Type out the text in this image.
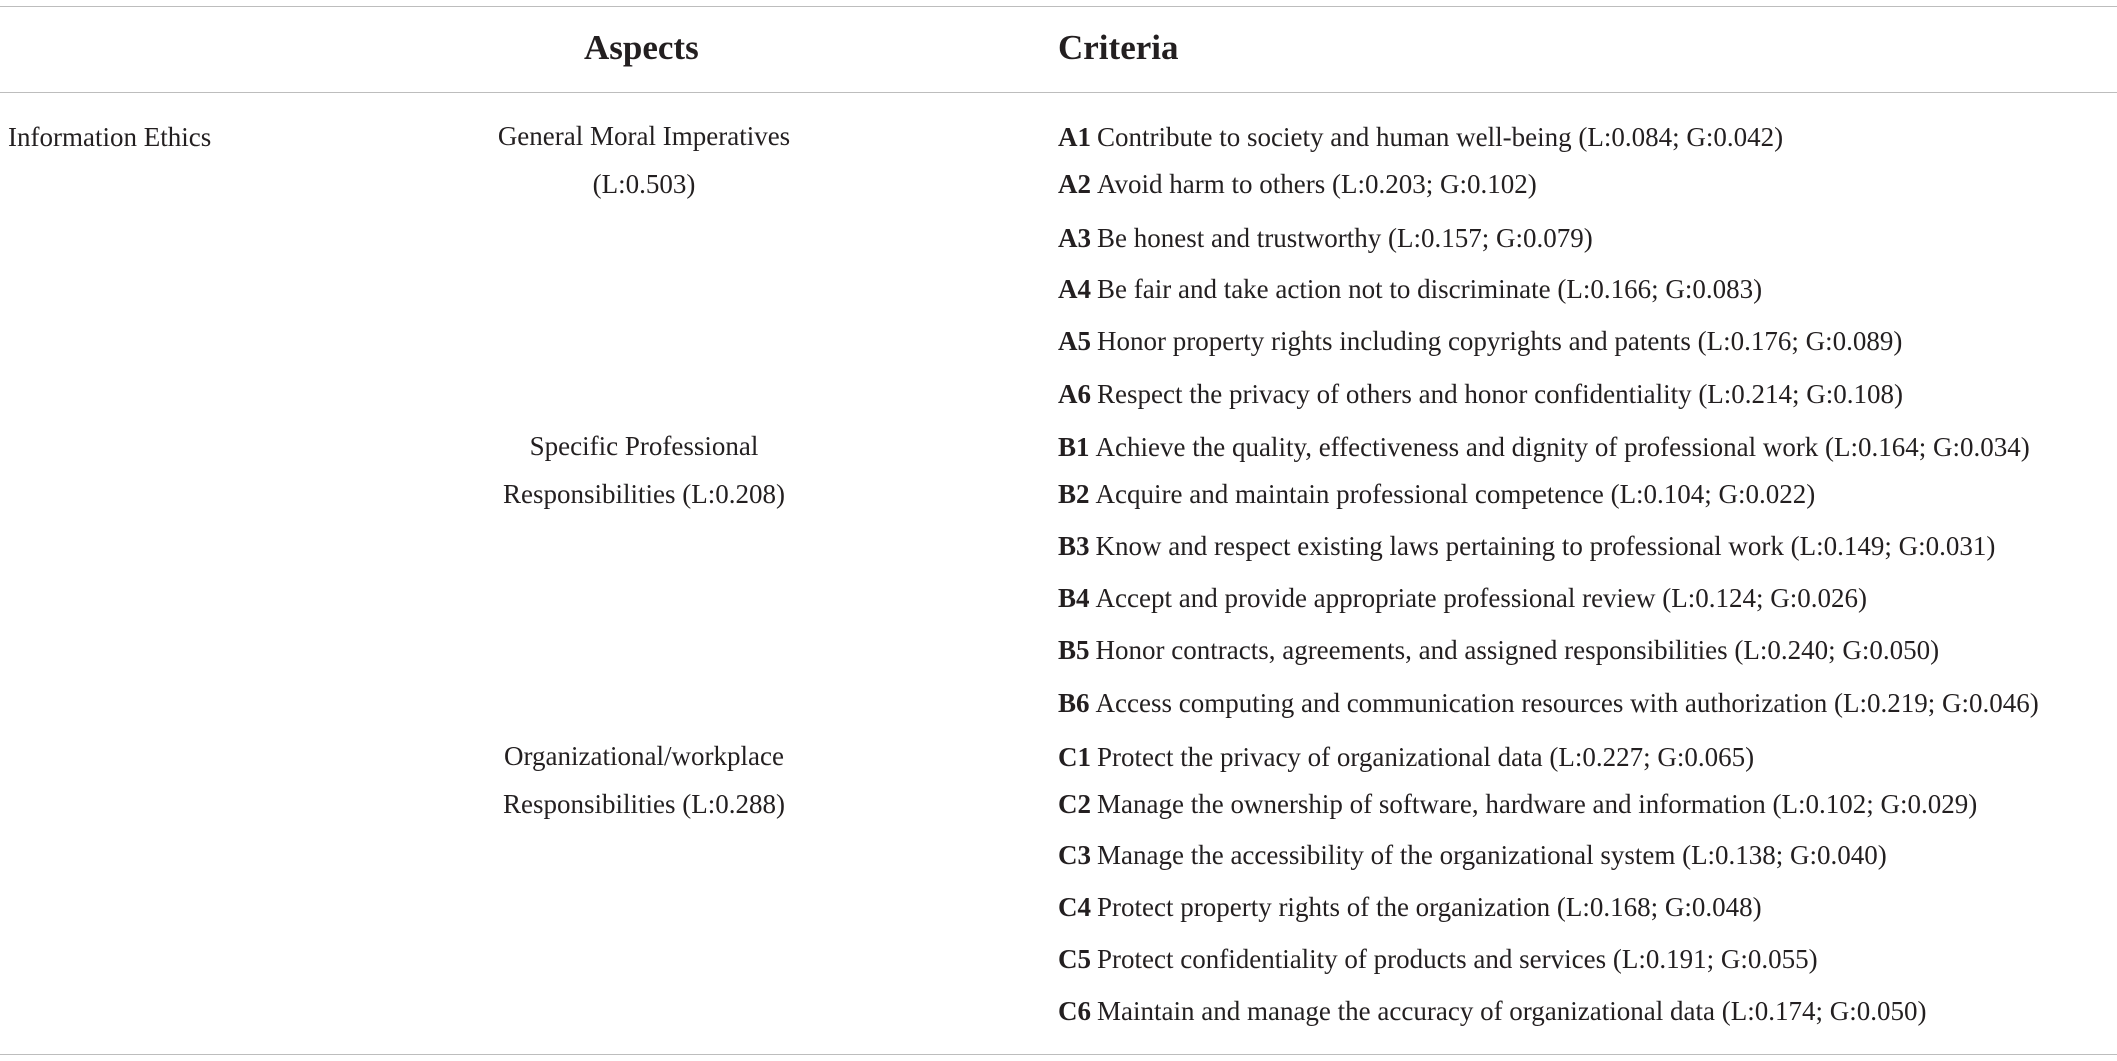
Aspects	Criteria
Information Ethics	General Moral Imperatives
(L:0.503)
Specific Professional
Responsibilities (L:0.208)
Organizational/workplace
Responsibilities (L:0.288)
A1 Contribute to society and human well-being (L:0.084; G:0.042)
A2 Avoid harm to others (L:0.203; G:0.102)
A3 Be honest and trustworthy (L:0.157; G:0.079)
A4 Be fair and take action not to discriminate (L:0.166; G:0.083)
A5 Honor property rights including copyrights and patents (L:0.176; G:0.089)
A6 Respect the privacy of others and honor confidentiality (L:0.214; G:0.108)
B1 Achieve the quality, effectiveness and dignity of professional work (L:0.164; G:0.034)
B2 Acquire and maintain professional competence (L:0.104; G:0.022)
B3 Know and respect existing laws pertaining to professional work (L:0.149; G:0.031)
B4 Accept and provide appropriate professional review (L:0.124; G:0.026)
B5 Honor contracts, agreements, and assigned responsibilities (L:0.240; G:0.050)
B6 Access computing and communication resources with authorization (L:0.219; G:0.046)
C1 Protect the privacy of organizational data (L:0.227; G:0.065)
C2 Manage the ownership of software, hardware and information (L:0.102; G:0.029)
C3 Manage the accessibility of the organizational system (L:0.138; G:0.040)
C4 Protect property rights of the organization (L:0.168; G:0.048)
C5 Protect confidentiality of products and services (L:0.191; G:0.055)
C6 Maintain and manage the accuracy of organizational data (L:0.174; G:0.050)
